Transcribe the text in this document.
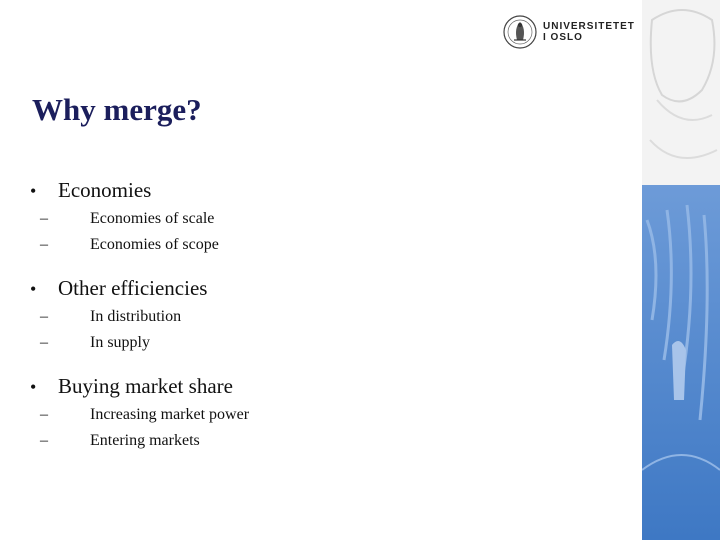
UNIVERSITETET
I OSLO
Why merge?
•	Economies
–	Economies of scale
–	Economies of scope
•	Other efficiencies
–	In distribution
–	In supply
•	Buying market share
–	Increasing market power
–	Entering markets
